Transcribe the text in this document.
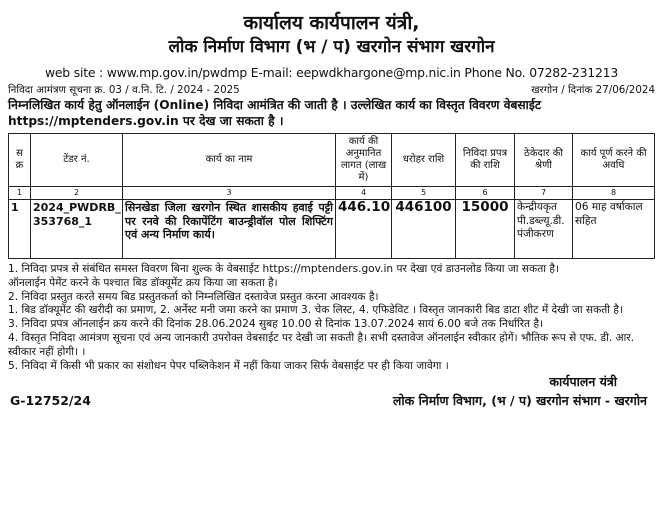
कार्यालय कार्यपालन यंत्री,
लोक निर्माण विभाग (भ / प) खरगोन संभाग खरगोन
web site : www.mp.gov.in/pwdmp E-mail: eepwdkhargone@mp.nic.in Phone No. 07282-231213
निविदा आमंत्रण सूचना क्र. 03 / व.नि. टि. / 2024 - 2025	खरगोन / दिनांक 27/06/2024
निम्नलिखित कार्य हेतु ऑनलाईन (Online) निविदा आमंत्रित की जाती है । उल्लेखित कार्य का विस्तृत विवरण वेबसाईट https://mptenders.gov.in पर देख जा सकता है ।
स क्र	टेंडर नं.	कार्य का नाम	कार्य की अनुमानित लागत (लाख में)	धरोहर राशि	निविदा प्रपत्र की राशि	ठेकेदार की श्रेणी	कार्य पूर्ण करने की अवधि
1	2	3	4	5	6	7	8
1	2024_PWDRB_ 353768_1	सिनखेडा जिला खरगोन स्थित शासकीय हवाई पट्टी पर रनवे की रिकापेंटिंग बाउन्ड्रीवॉल पोल शिफ्टिंग एवं अन्य निर्माण कार्य।	446.10	446100	15000	केन्द्रीयकृत पी.डब्ल्यू.डी. पंजीकरण	06 माह वर्षाकाल सहित
1. निविदा प्रपत्र से संबंधित समस्त विवरण बिना शुल्क के वेबसाईट https://mptenders.gov.in पर देखा एवं डाउनलोड किया जा सकता है।
ऑनलाईन पेमेंट करने के पश्चात बिड डॉक्यूमेंट क्रय किया जा सकता है।
2. निविदा प्रस्तुत करते समय बिड प्रस्तुतकर्ता को निम्नलिखित दस्तावेज प्रस्तुत करना आवश्यक है।
1. बिड डॉक्यूमेंट की खरीदी का प्रमाण, 2. अर्नेस्ट मनी जमा करने का प्रमाण 3. चेक लिस्ट, 4. एफिडेविट । विस्तृत जानकारी बिड डाटा शीट में देखी जा सकती है।
3. निविदा प्रपत्र ऑनलाईन क्रय करने की दिनांक 28.06.2024 सुबह 10.00 से दिनांक 13.07.2024 सायं 6.00 बजे तक निर्धारित है।
4. विस्तृत निविदा आमंत्रण सूचना एवं अन्य जानकारी उपरोक्त वेबसाईट पर देखी जा सकती है। सभी दस्तावेज ऑनलाईन स्वीकार होगें। भौतिक रूप से एफ. डी. आर. स्वीकार नहीं होगी। ।
5. निविदा में किसी भी प्रकार का संशोधन पेपर पब्लिकेशन में नहीं किया जाकर सिर्फ वेबसाईट पर ही किया जावेगा ।
कार्यपालन यंत्री
G-12752/24	लोक निर्माण विभाग, (भ / प) खरगोन संभाग - खरगोन
